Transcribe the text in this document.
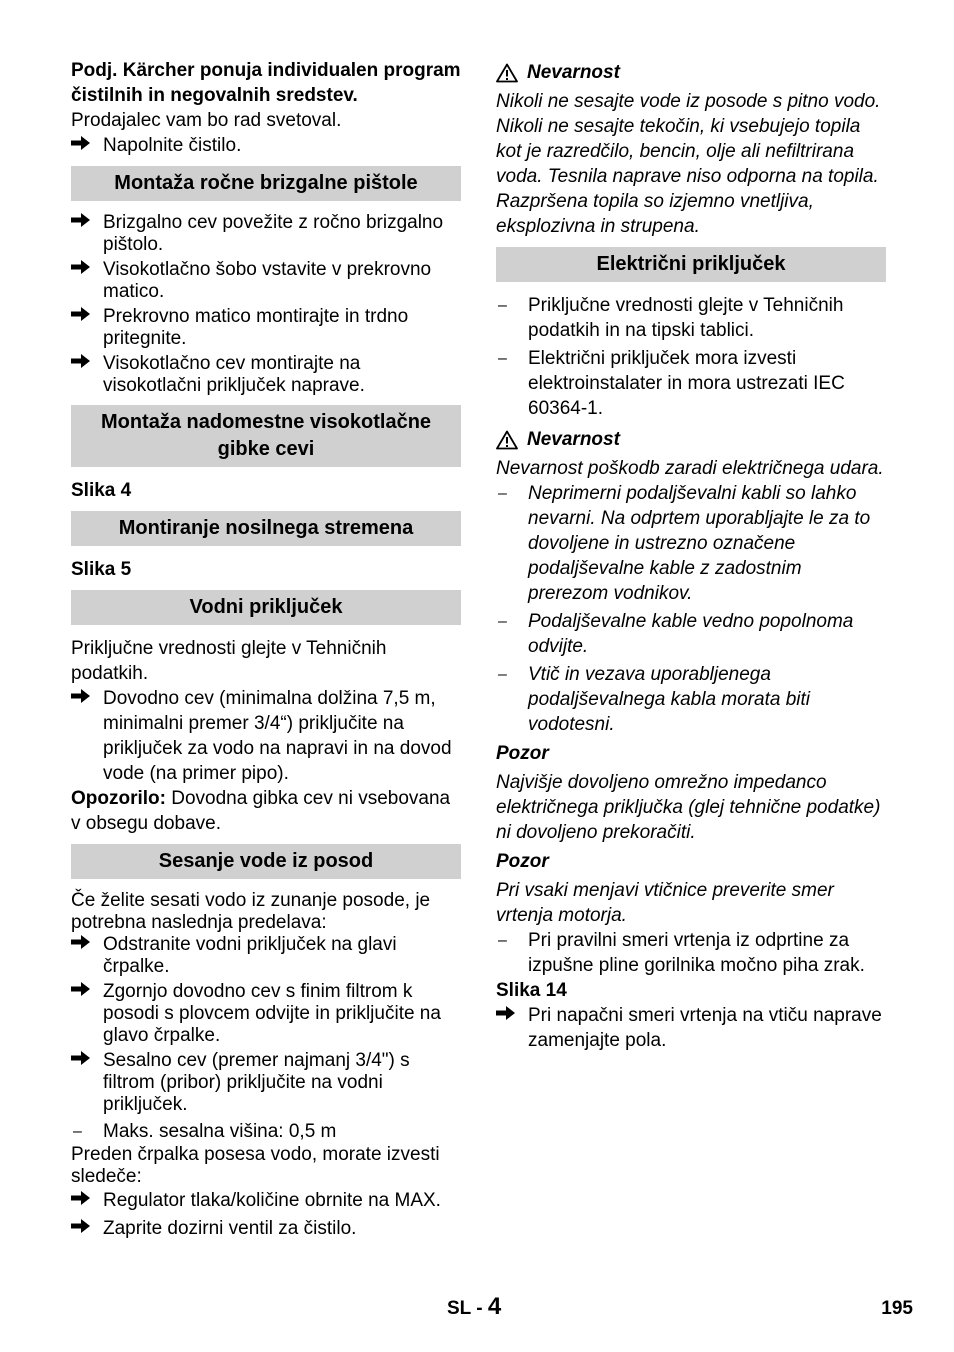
Podj. Kärcher ponuja individualen program čistilnih in negovalnih sredstev.

Prodajalec vam bo rad svetoval.

Napolnite čistilo.
Montaža ročne brizgalne pištole
Brizgalno cev povežite z ročno brizgalno pištolo.
Visokotlačno šobo vstavite v prekrovno matico.
Prekrovno matico montirajte in trdno pritegnite.
Visokotlačno cev montirajte na visokotlačni priključek naprave.
Montaža nadomestne visokotlačne gibke cevi

Slika 4

Montiranje nosilnega stremena

Slika 5

Vodni priključek

Priključne vrednosti glejte v Tehničnih podatkih.

Dovodno cev (minimalna dolžina 7,5 m, minimalni premer 3/4“) priključite na priključek za vodo na napravi in na dovod vode (na primer pipo).

Opozorilo: Dovodna gibka cev ni vsebovana v obsegu dobave.

Sesanje vode iz posod

Če želite sesati vodo iz zunanje posode, je potrebna naslednja predelava:

Odstranite vodni priključek na glavi črpalke.
Zgornjo dovodno cev s finim filtrom k posodi s plovcem odvijte in priključite na glavo črpalke.
Sesalno cev (premer najmanj 3/4") s filtrom (pribor) priključite na vodni priključek.
–	Maks. sesalna višina: 0,5 m

Preden črpalka posesa vodo, morate izvesti sledeče:

Regulator tlaka/količine obrnite na MAX.
Zaprite dozirni ventil za čistilo.
Nevarnost

Nikoli ne sesajte vode iz posode s pitno vodo. Nikoli ne sesajte tekočin, ki vsebujejo topila kot je razredčilo, bencin, olje ali nefiltrirana voda. Tesnila naprave niso odporna na topila. Razpršena topila so izjemno vnetljiva, eksplozivna in strupena.

Električni priključek
–	Priključne vrednosti glejte v Tehničnih podatkih in na tipski tablici.
–	Električni priključek mora izvesti elektroinstalater in mora ustrezati IEC 60364-1.
Nevarnost

Nevarnost poškodb zaradi električnega udara.

–	Neprimerni podaljševalni kabli so lahko nevarni. Na odprtem uporabljajte le za to dovoljene in ustrezno označene podaljševalne kable z zadostnim prerezom vodnikov.
–	Podaljševalne kable vedno popolnoma odvijte.
–	Vtič in vezava uporabljenega podaljševalnega kabla morata biti vodotesni.

Pozor

Najvišje dovoljeno omrežno impedanco električnega priključka (glej tehnične podatke) ni dovoljeno prekoračiti.

Pozor

Pri vsaki menjavi vtičnice preverite smer vrtenja motorja.

–	Pri pravilni smeri vrtenja iz odprtine za izpušne pline gorilnika močno piha zrak.

Slika 14

Pri napačni smeri vrtenja na vtiču naprave zamenjajte pola.
SL - 4	195
